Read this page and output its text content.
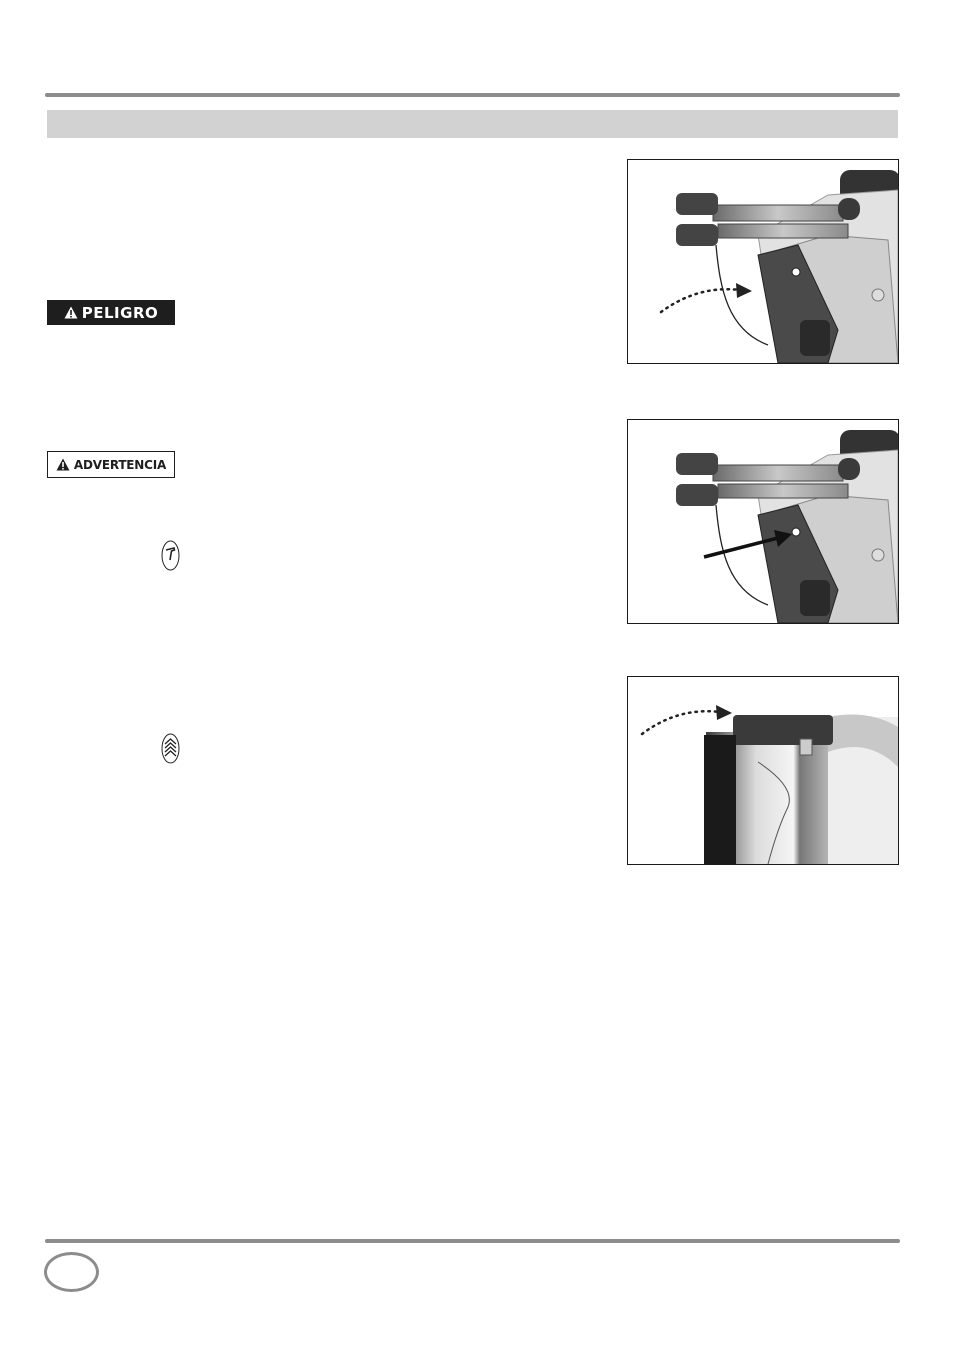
PELIGRO
ADVERTENCIA
